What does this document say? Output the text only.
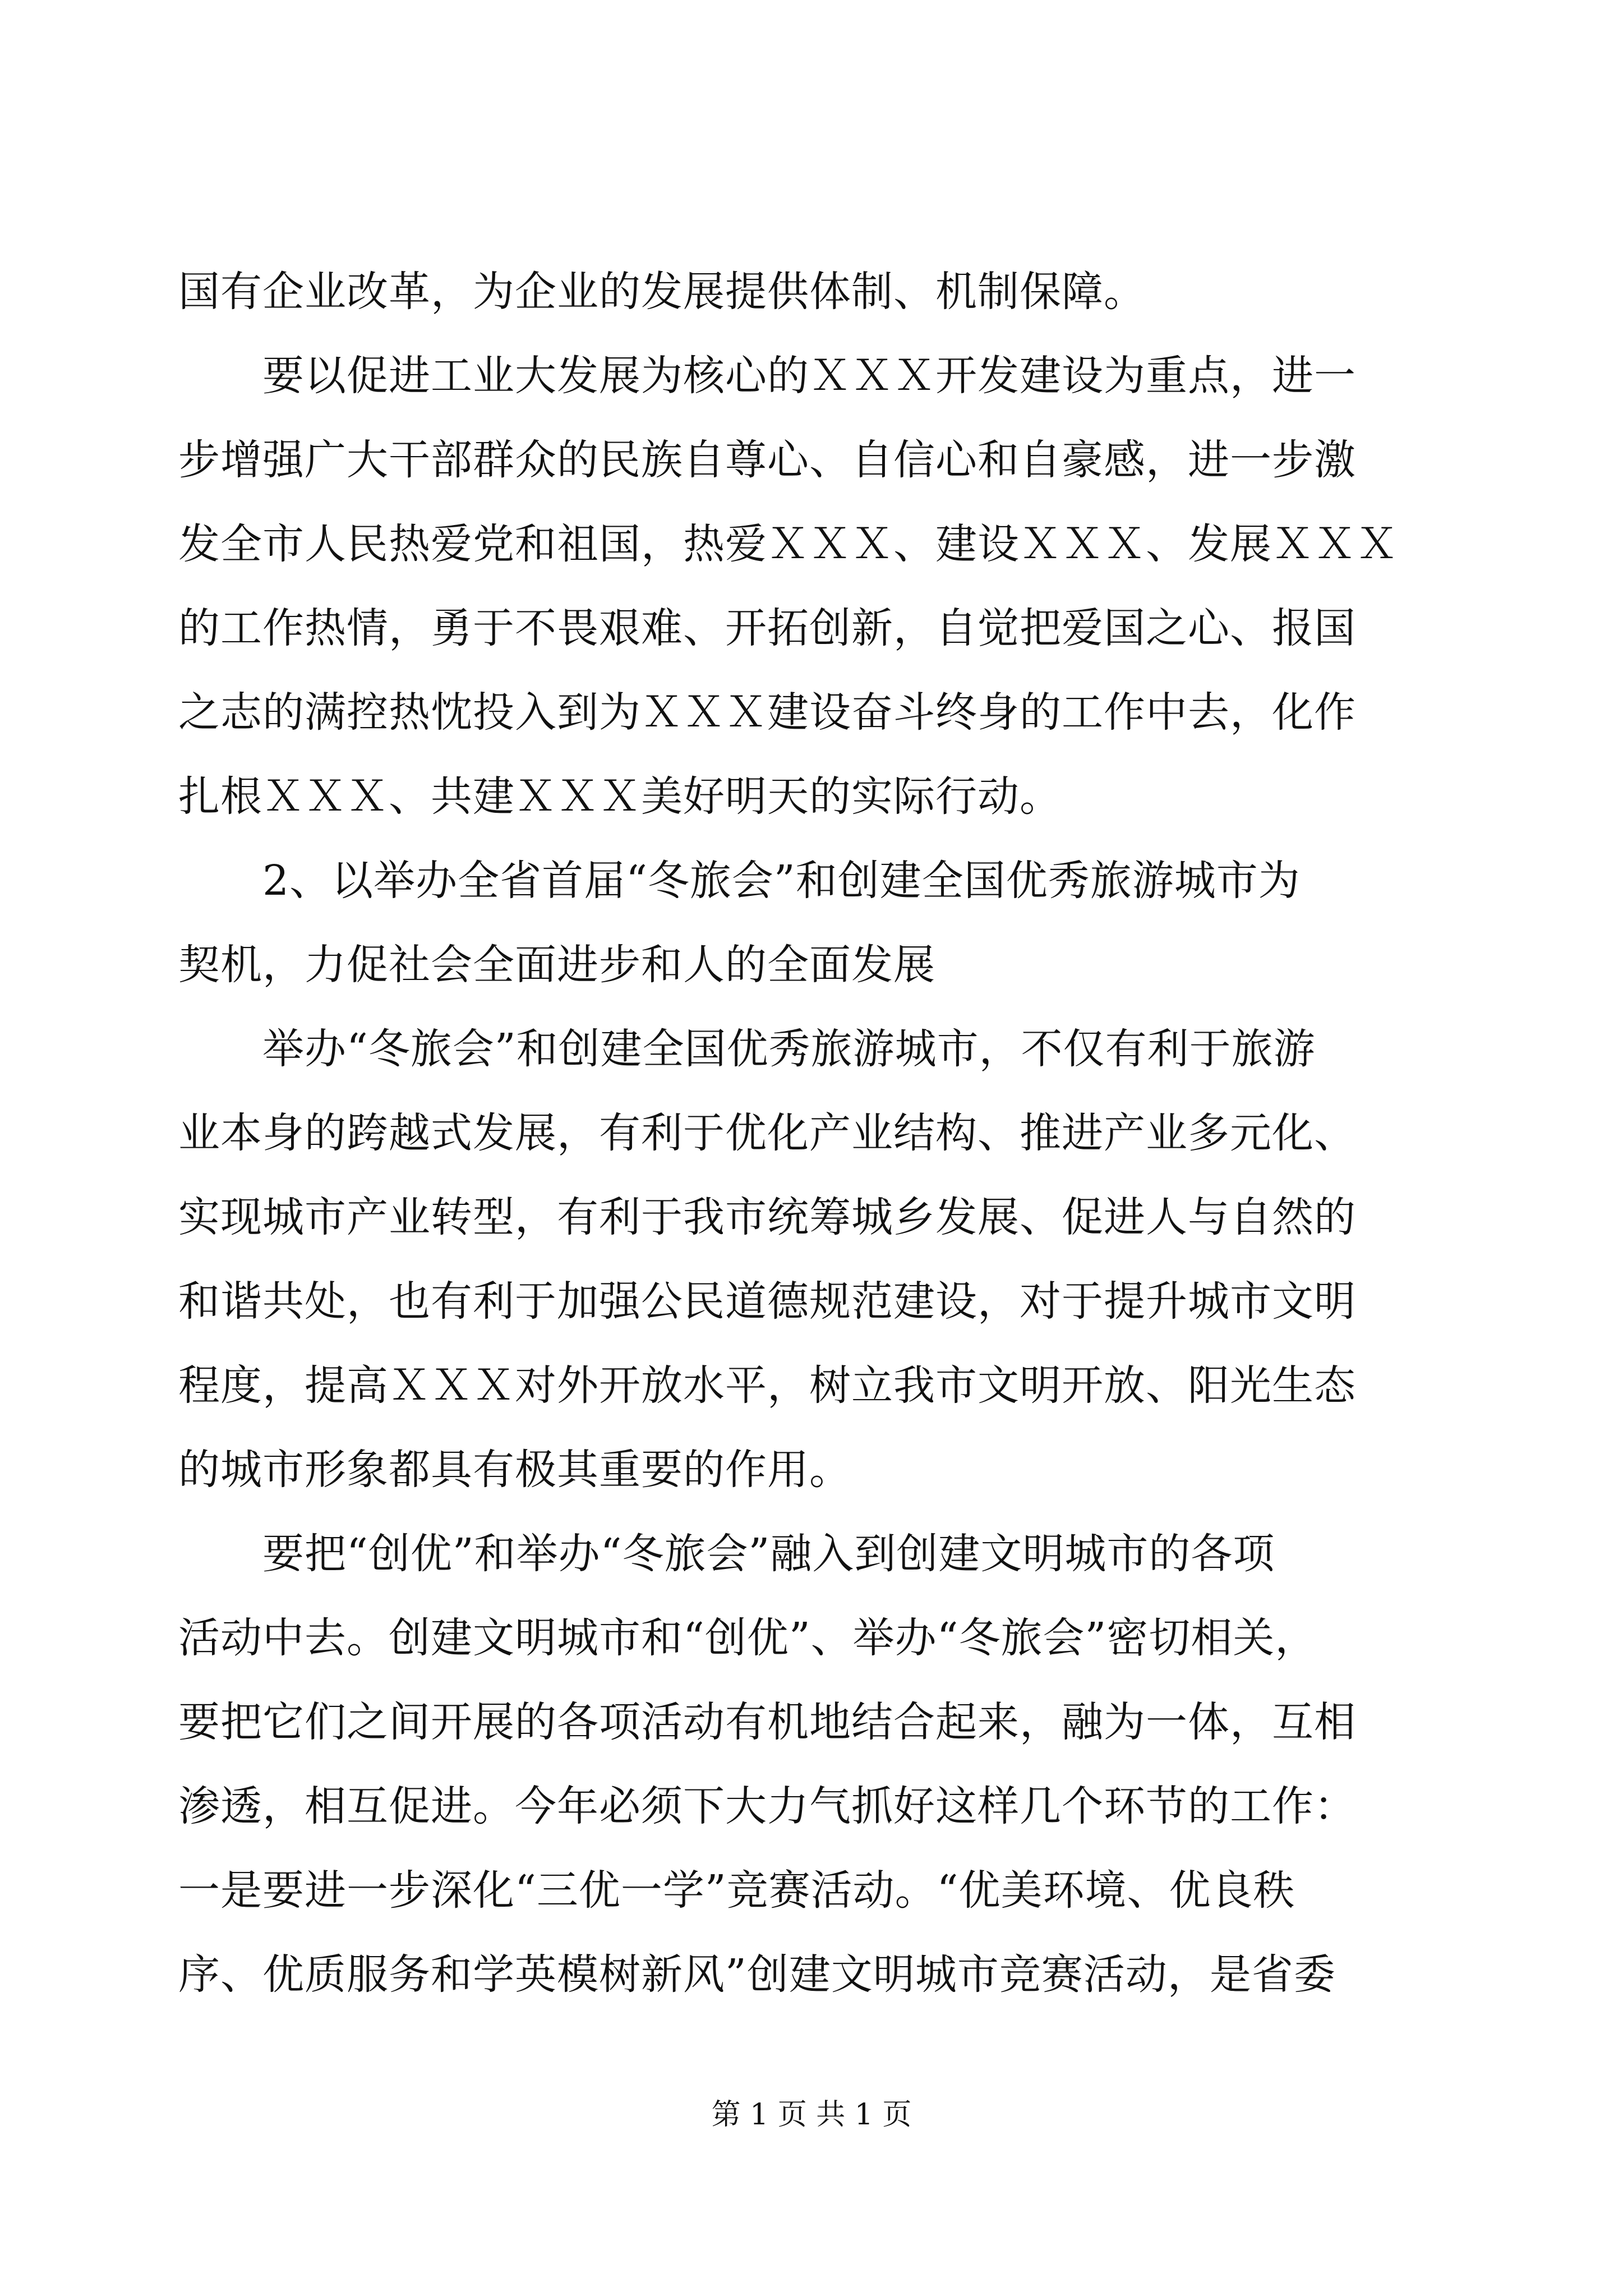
国有企业改革，为企业的发展提供体制、机制保障。
要以促进工业大发展为核心的ＸＸＸ开发建设为重点，进一
步增强广大干部群众的民族自尊心、自信心和自豪感，进一步激
发全市人民热爱党和祖国，热爱ＸＸＸ、建设ＸＸＸ、发展ＸＸＸ
的工作热情，勇于不畏艰难、开拓创新，自觉把爱国之心、报国
之志的满控热忱投入到为ＸＸＸ建设奋斗终身的工作中去，化作
扎根ＸＸＸ、共建ＸＸＸ美好明天的实际行动。
2、以举办全省首届“冬旅会”和创建全国优秀旅游城市为
契机，力促社会全面进步和人的全面发展
举办“冬旅会”和创建全国优秀旅游城市，不仅有利于旅游
业本身的跨越式发展，有利于优化产业结构、推进产业多元化、
实现城市产业转型，有利于我市统筹城乡发展、促进人与自然的
和谐共处，也有利于加强公民道德规范建设，对于提升城市文明
程度，提高ＸＸＸ对外开放水平，树立我市文明开放、阳光生态
的城市形象都具有极其重要的作用。
要把“创优”和举办“冬旅会”融入到创建文明城市的各项
活动中去。创建文明城市和“创优”、举办“冬旅会”密切相关，
要把它们之间开展的各项活动有机地结合起来，融为一体，互相
渗透，相互促进。今年必须下大力气抓好这样几个环节的工作：
一是要进一步深化“三优一学”竞赛活动。“优美环境、优良秩
序、优质服务和学英模树新风”创建文明城市竞赛活动，是省委
第 1 页 共 1 页
